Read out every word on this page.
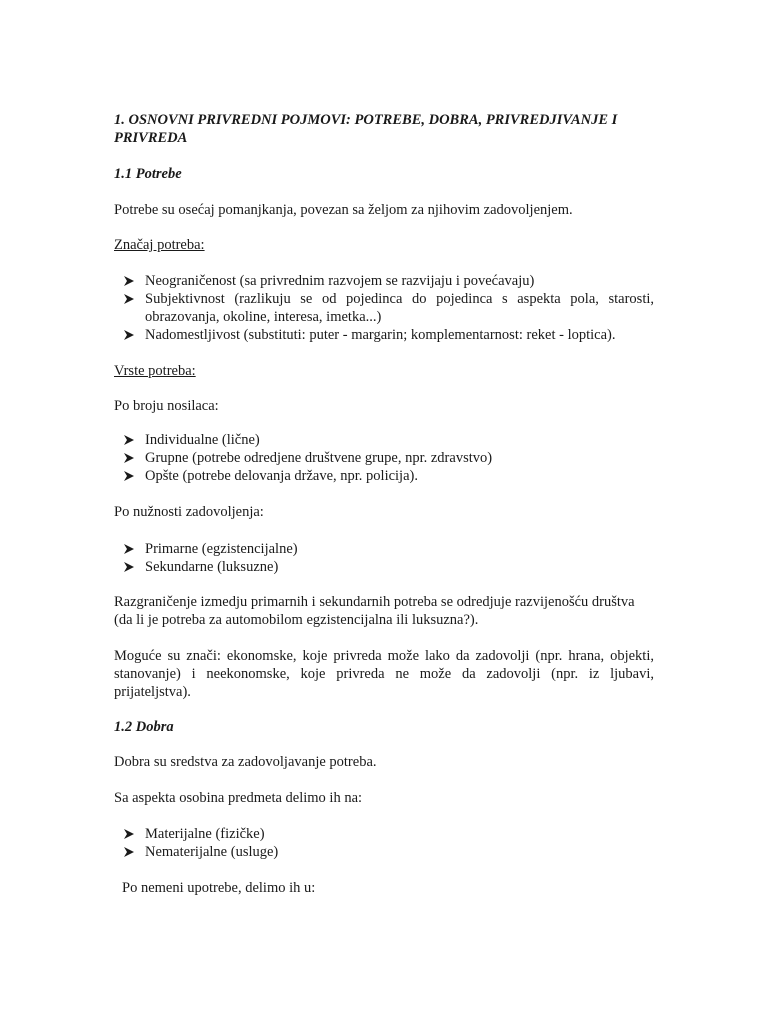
1. OSNOVNI PRIVREDNI POJMOVI: POTREBE, DOBRA, PRIVREDJIVANJE I PRIVREDA
1.1 Potrebe
Potrebe su osećaj pomanjkanja, povezan sa željom za njihovim zadovoljenjem.
Značaj potreba:
Neograničenost (sa privrednim razvojem se razvijaju i povećavaju)
Subjektivnost (razlikuju se od pojedinca do pojedinca s aspekta pola, starosti, obrazovanja, okoline, interesa, imetka...)
Nadomestljivost (substituti: puter - margarin; komplementarnost: reket - loptica).
Vrste potreba:
Po broju nosilaca:
Individualne (lične)
Grupne (potrebe odredjene društvene grupe, npr. zdravstvo)
Opšte (potrebe delovanja države, npr. policija).
Po nužnosti zadovoljenja:
Primarne (egzistencijalne)
Sekundarne (luksuzne)
Razgraničenje izmedju primarnih i sekundarnih potreba se odredjuje razvijenošću društva (da li je potreba za automobilom egzistencijalna ili luksuzna?).
Moguće su znači: ekonomske, koje privreda može lako da zadovolji (npr. hrana, objekti, stanovanje) i neekonomske, koje privreda ne može da zadovolji (npr. iz ljubavi, prijateljstva).
1.2 Dobra
Dobra su sredstva za zadovoljavanje potreba.
Sa aspekta osobina predmeta delimo ih na:
Materijalne (fizičke)
Nematerijalne (usluge)
Po nemeni upotrebe, delimo ih u:
